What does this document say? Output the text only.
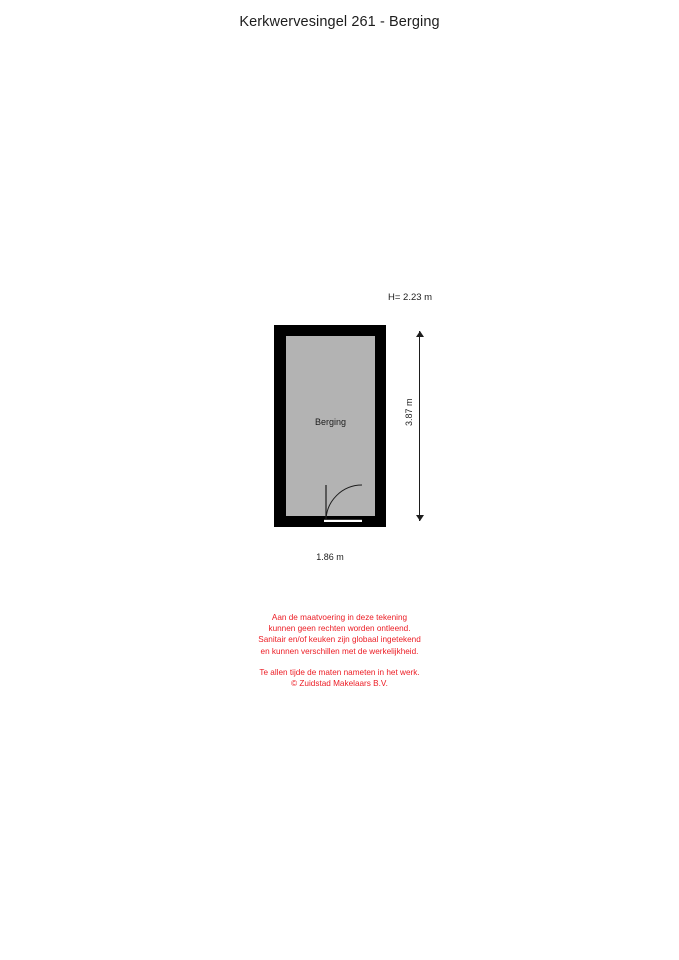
Kerkwervesingel 261 - Berging
H= 2.23 m
Berging	3.87 m
1.86 m
Aan de maatvoering in deze tekening
kunnen geen rechten worden ontleend.
Sanitair en/of keuken zijn globaal ingetekend
en kunnen verschillen met de werkelijkheid.
Te allen tijde de maten nameten in het werk.
© Zuidstad Makelaars B.V.
